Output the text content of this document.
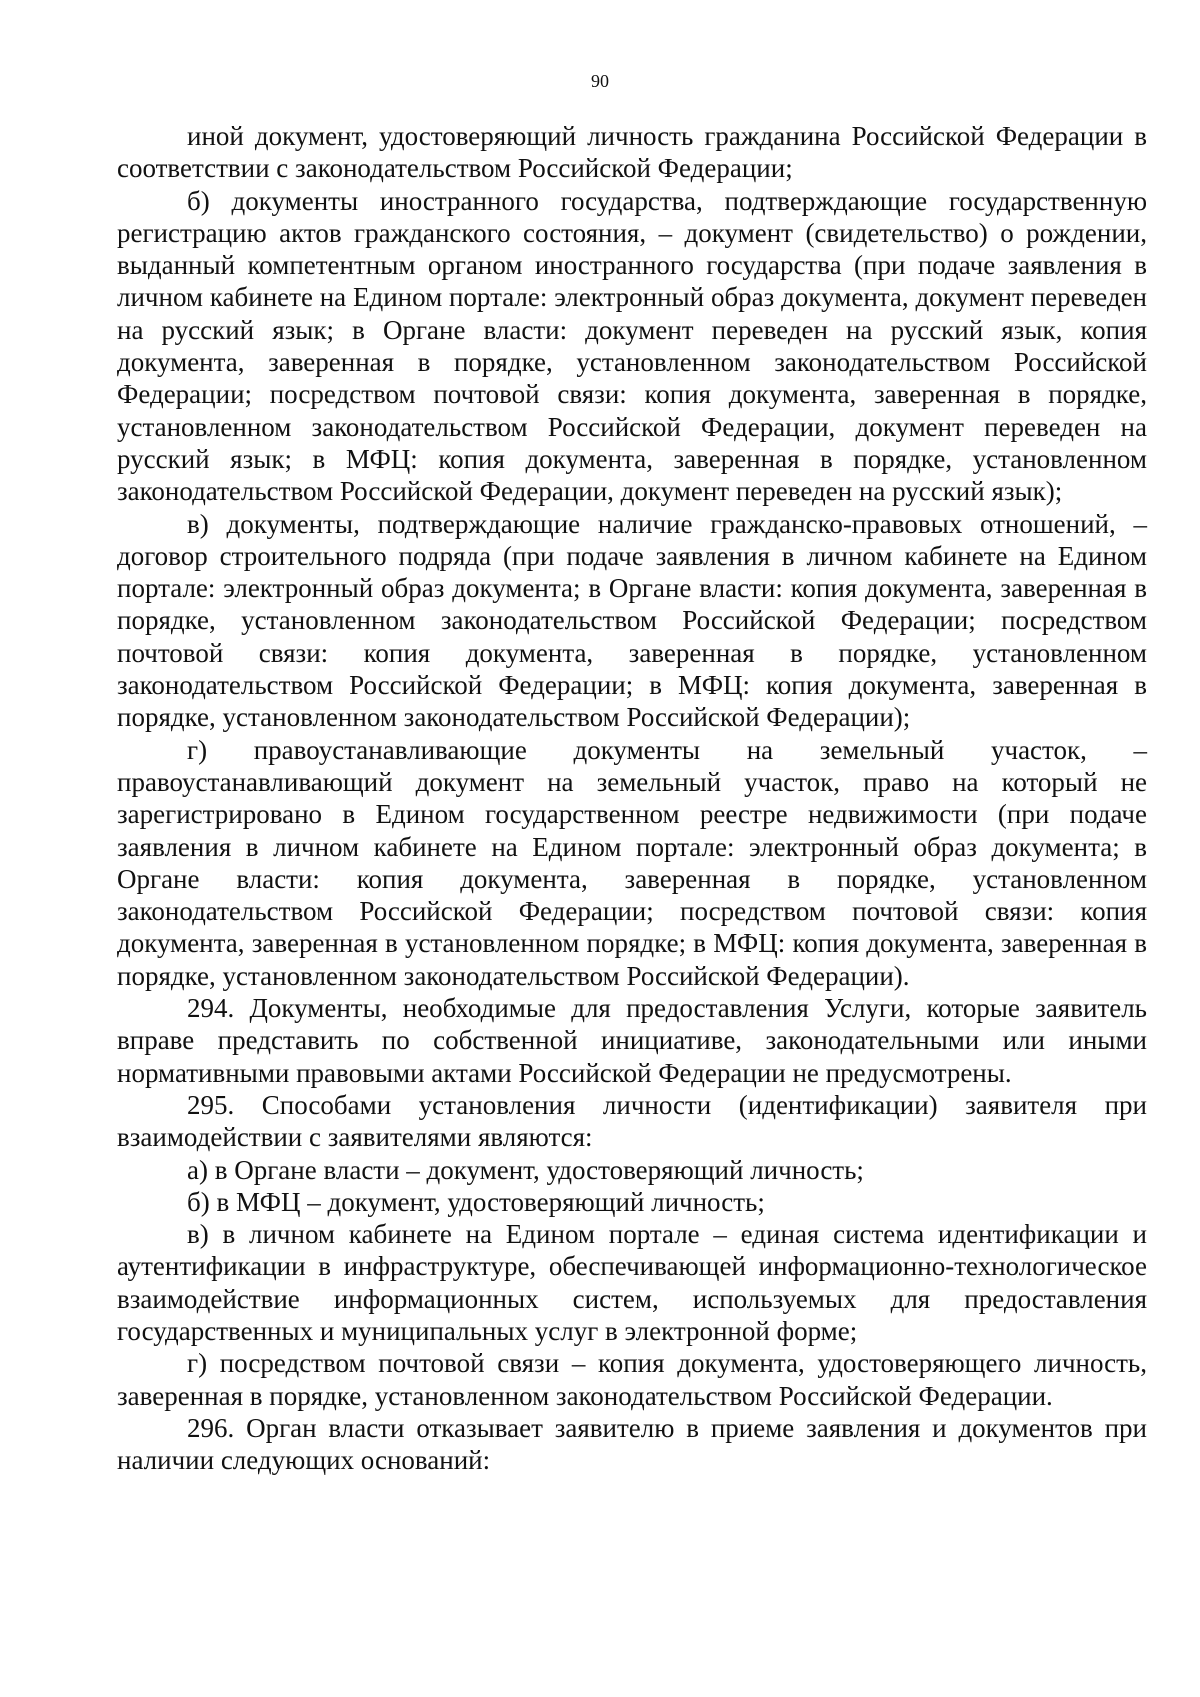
90

иной документ, удостоверяющий личность гражданина Российской Федерации в соответствии с законодательством Российской Федерации;

б) документы иностранного государства, подтверждающие государственную регистрацию актов гражданского состояния, – документ (свидетельство) о рождении, выданный компетентным органом иностранного государства (при подаче заявления в личном кабинете на Едином портале: электронный образ документа, документ переведен на русский язык; в Органе власти: документ переведен на русский язык, копия документа, заверенная в порядке, установленном законодательством Российской Федерации; посредством почтовой связи: копия документа, заверенная в порядке, установленном законодательством Российской Федерации, документ переведен на русский язык; в МФЦ: копия документа, заверенная в порядке, установленном законодательством Российской Федерации, документ переведен на русский язык);

в) документы, подтверждающие наличие гражданско-правовых отношений, – договор строительного подряда (при подаче заявления в личном кабинете на Едином портале: электронный образ документа; в Органе власти: копия документа, заверенная в порядке, установленном законодательством Российской Федерации; посредством почтовой связи: копия документа, заверенная в порядке, установленном законодательством Российской Федерации; в МФЦ: копия документа, заверенная в порядке, установленном законодательством Российской Федерации);

г) правоустанавливающие документы на земельный участок, – правоустанавливающий документ на земельный участок, право на который не зарегистрировано в Едином государственном реестре недвижимости (при подаче заявления в личном кабинете на Едином портале: электронный образ документа; в Органе власти: копия документа, заверенная в порядке, установленном законодательством Российской Федерации; посредством почтовой связи: копия документа, заверенная в установленном порядке; в МФЦ: копия документа, заверенная в порядке, установленном законодательством Российской Федерации).

294. Документы, необходимые для предоставления Услуги, которые заявитель вправе представить по собственной инициативе, законодательными или иными нормативными правовыми актами Российской Федерации не предусмотрены.

295. Способами установления личности (идентификации) заявителя при взаимодействии с заявителями являются:

а) в Органе власти – документ, удостоверяющий личность;

б) в МФЦ – документ, удостоверяющий личность;

в) в личном кабинете на Едином портале – единая система идентификации и аутентификации в инфраструктуре, обеспечивающей информационно-технологическое взаимодействие информационных систем, используемых для предоставления государственных и муниципальных услуг в электронной форме;

г) посредством почтовой связи – копия документа, удостоверяющего личность, заверенная в порядке, установленном законодательством Российской Федерации.

296. Орган власти отказывает заявителю в приеме заявления и документов при наличии следующих оснований:
